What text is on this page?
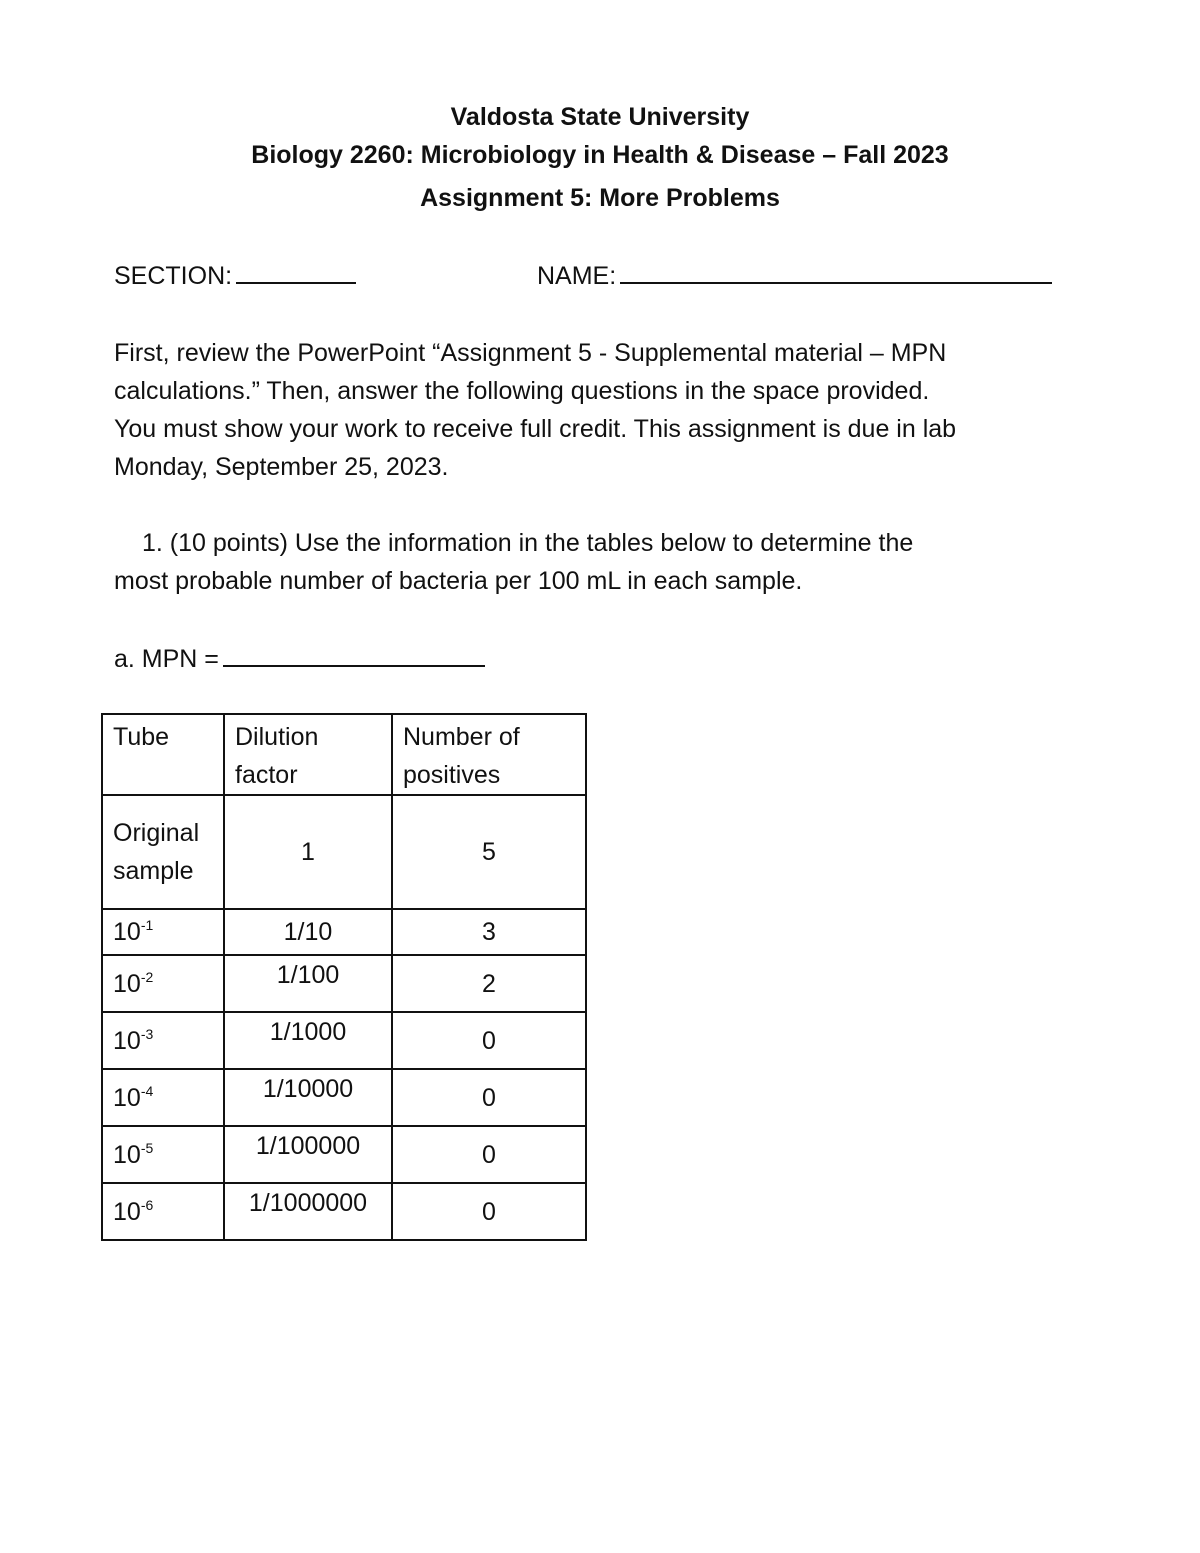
Valdosta State University
Biology 2260: Microbiology in Health & Disease – Fall 2023
Assignment 5: More Problems
SECTION:	NAME:

First, review the PowerPoint “Assignment 5 - Supplemental material – MPN

calculations.” Then, answer the following questions in the space provided.

You must show your work to receive full credit. This assignment is due in lab

Monday, September 25, 2023.

1. (10 points) Use the information in the tables below to determine the

most probable number of bacteria per 100 mL in each sample.

a. MPN =
Tube	Dilution factor	Number of positives
Original sample	1	5
$10^{-1}$	1/10	3
$10^{-2}$	1/100	2
$10^{-3}$	1/1000	0
$10^{-4}$	1/10000	0
$10^{-5}$	1/100000	0
$10^{-6}$	1/1000000	0
